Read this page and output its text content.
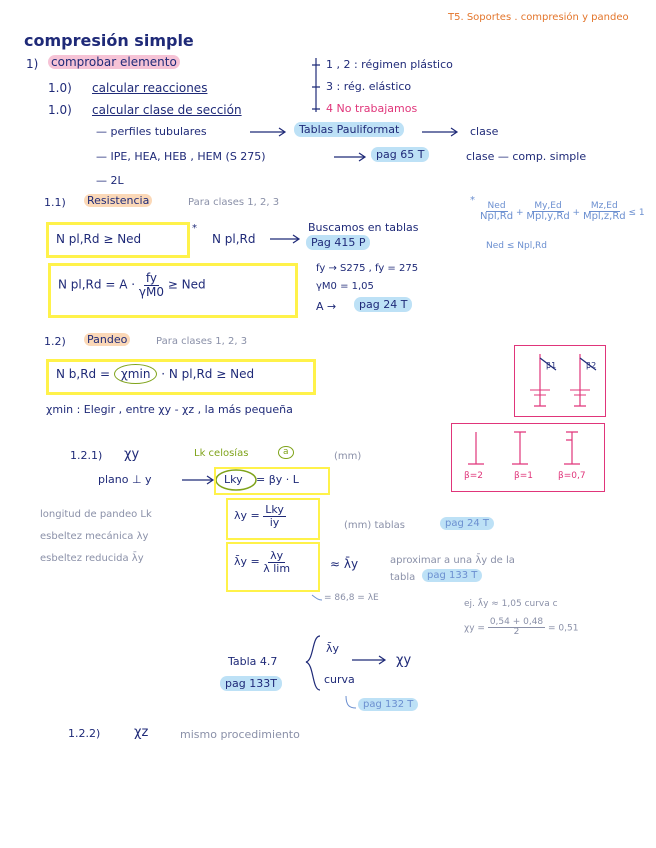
T5. Soportes . compresión y pandeo
compresión simple
1) comprobar elemento
1.0) calcular reacciones
1.0) calcular clase de sección
1 , 2 : régimen plástico
3 : rég. elástico
4 No trabajamos
— perfiles tubulares	Tablas Pauliformat	clase
— IPE, HEA, HEB , HEM (S 275)	pag 65 T	clase — comp. simple
— 2L
1.1) Resistencia	Para clases 1, 2, 3
N pl,Rd ≥ Ned
*
N pl,Rd
Buscamos en tablas
Pag 415 P
N $pl,Rd = A \cdot \frac{fy}{\gamma M0}$ ≥ Ned
fy → S275 , fy = 275
γM0 = 1,05
A →	pag 24 T
*
$\frac{\text{Ned}}{\text{Npl,Rd}} + \frac{My,Ed}{\text{Mpl,y,Rd}} + \frac{Mz,Ed}{\text{Mpl,z,Rd}} \le 1$
Ned ≤ Npl,Rd
1.2) Pandeo	Para clases 1, 2, 3
N b,Rd = χmin · N pl,Rd ≥ Ned
χmin : Elegir , entre χy - χz , la más pequeña
β1	β2
β=2	β=1	β=0,7
1.2.1) χy	Lk celosías	a	(mm)
plano ⊥ y	Lky = βy · L
longitud de pandeo Lk
esbeltez mecánica λy
esbeltez reducida λ̄y
$\lambda y = \frac{\text{Lky}}{iy}$	(mm) tablas	pag 24 T
λ̄y = $\frac{\lambda y}{\text{λ lim}}$	≈ λ̄y	aproximar a una λ̄y de la
tabla	pag 133 T
= 86,8 = λE
ej. λ̄y ≈ 1,05 curva c
$\chi y = \frac{0,54 + 0,48}{2} = 0,51$
Tabla 4.7
pag 133T
λ̄y
curva
χy
pag 132 T
1.2.2)	χz	mismo procedimiento
